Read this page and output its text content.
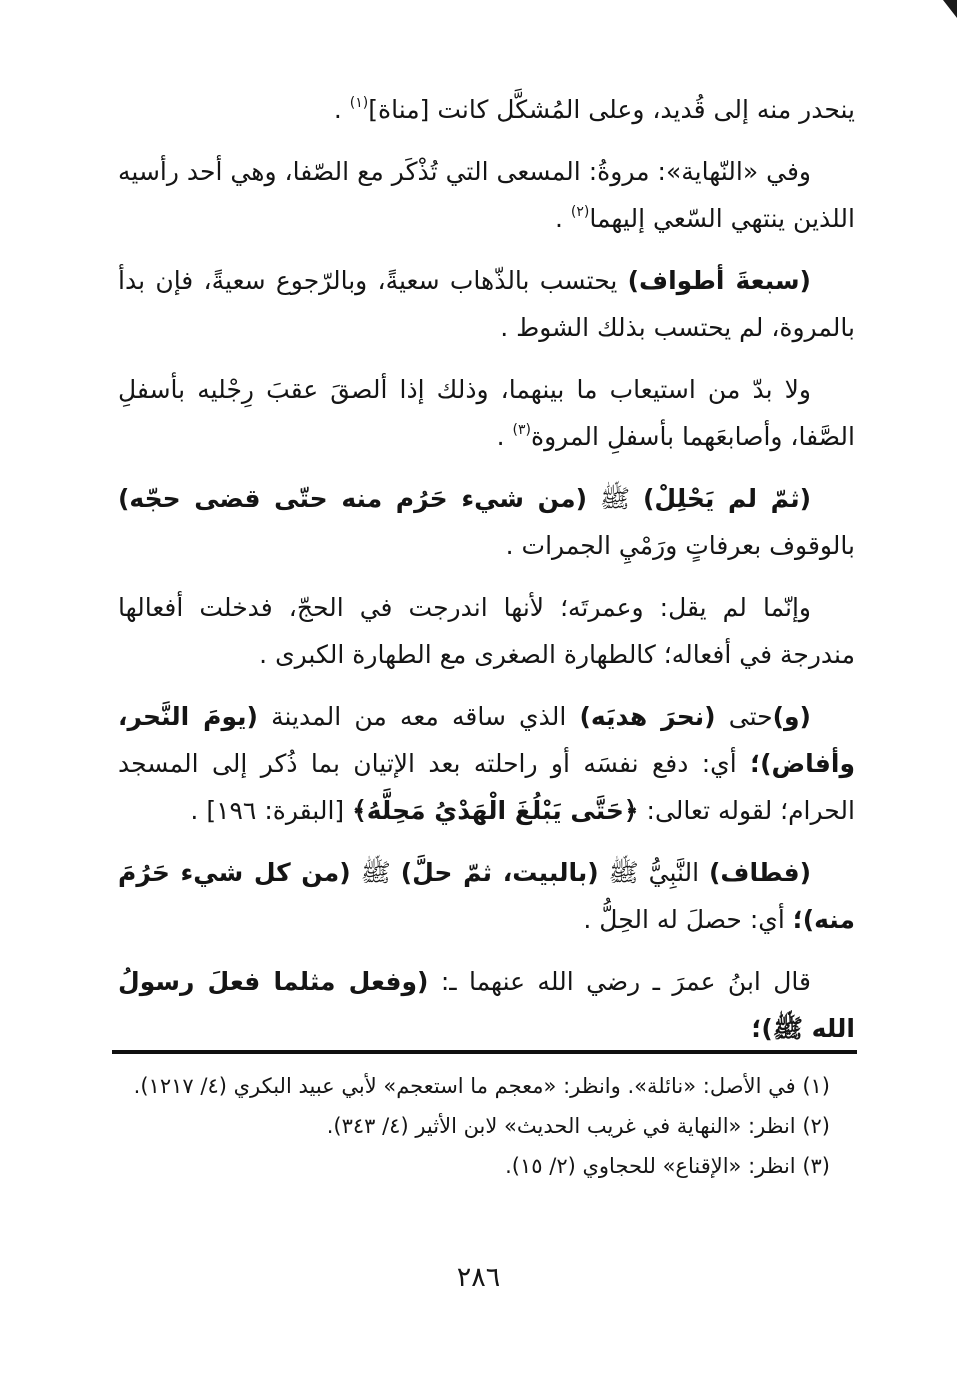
ينحدر منه إلى قُديد، وعلى المُشكَّل كانت [مناة]$^{(١)}$ .

وفي «النّهاية»: مروةُ: المسعى التي تُذْكَر مع الصّفا، وهي أحد رأسيه اللذين ينتهي السّعي إليهما$^{(٢)}$ .

(سبعةَ أطواف) يحتسب بالذّهاب سعيةً، وبالرّجوع سعيةً، فإن بدأ بالمروة، لم يحتسب بذلك الشوط .

ولا بدّ من استيعاب ما بينهما، وذلك إذا ألصقَ عقبَ رِجْليه بأسفلِ الصَّفا، وأصابعَهما بأسفلِ المروة$^{(٣)}$ .

(ثمّ لم يَحْلِلْ) ﷺ (من شيء حَرُم منه حتّى قضى حجّه) بالوقوف بعرفاتٍ ورَمْيِ الجمرات .

وإنّما لم يقل: وعمرتَه؛ لأنها اندرجت في الحجّ، فدخلت أفعالها مندرجة في أفعاله؛ كالطهارة الصغرى مع الطهارة الكبرى .

(و)حتى (نحرَ هديَه) الذي ساقه معه من المدينة (يومَ النَّحر، وأفاض)؛ أي: دفع نفسَه أو راحلته بعد الإتيان بما ذُكر إلى المسجد الحرام؛ لقوله تعالى: ﴿حَتَّى يَبْلُغَ الْهَدْيُ مَحِلَّهُ﴾ [البقرة: ١٩٦] .

(فطاف) النَّبِيُّ ﷺ (بالبيت، ثمّ حلَّ) ﷺ (من كل شيء حَرُمَ منه)؛ أي: حصلَ له الحِلُّ .

قال ابنُ عمرَ ـ رضي الله عنهما ـ: (وفعل مثلما فعلَ رسولُ الله ﷺ)؛

(١) في الأصل: «نائلة». وانظر: «معجم ما استعجم» لأبي عبيد البكري (٤/ ١٢١٧).
(٢) انظر: «النهاية في غريب الحديث» لابن الأثير (٤/ ٣٤٣).
(٣) انظر: «الإقناع» للحجاوي (٢/ ١٥).
٢٨٦
